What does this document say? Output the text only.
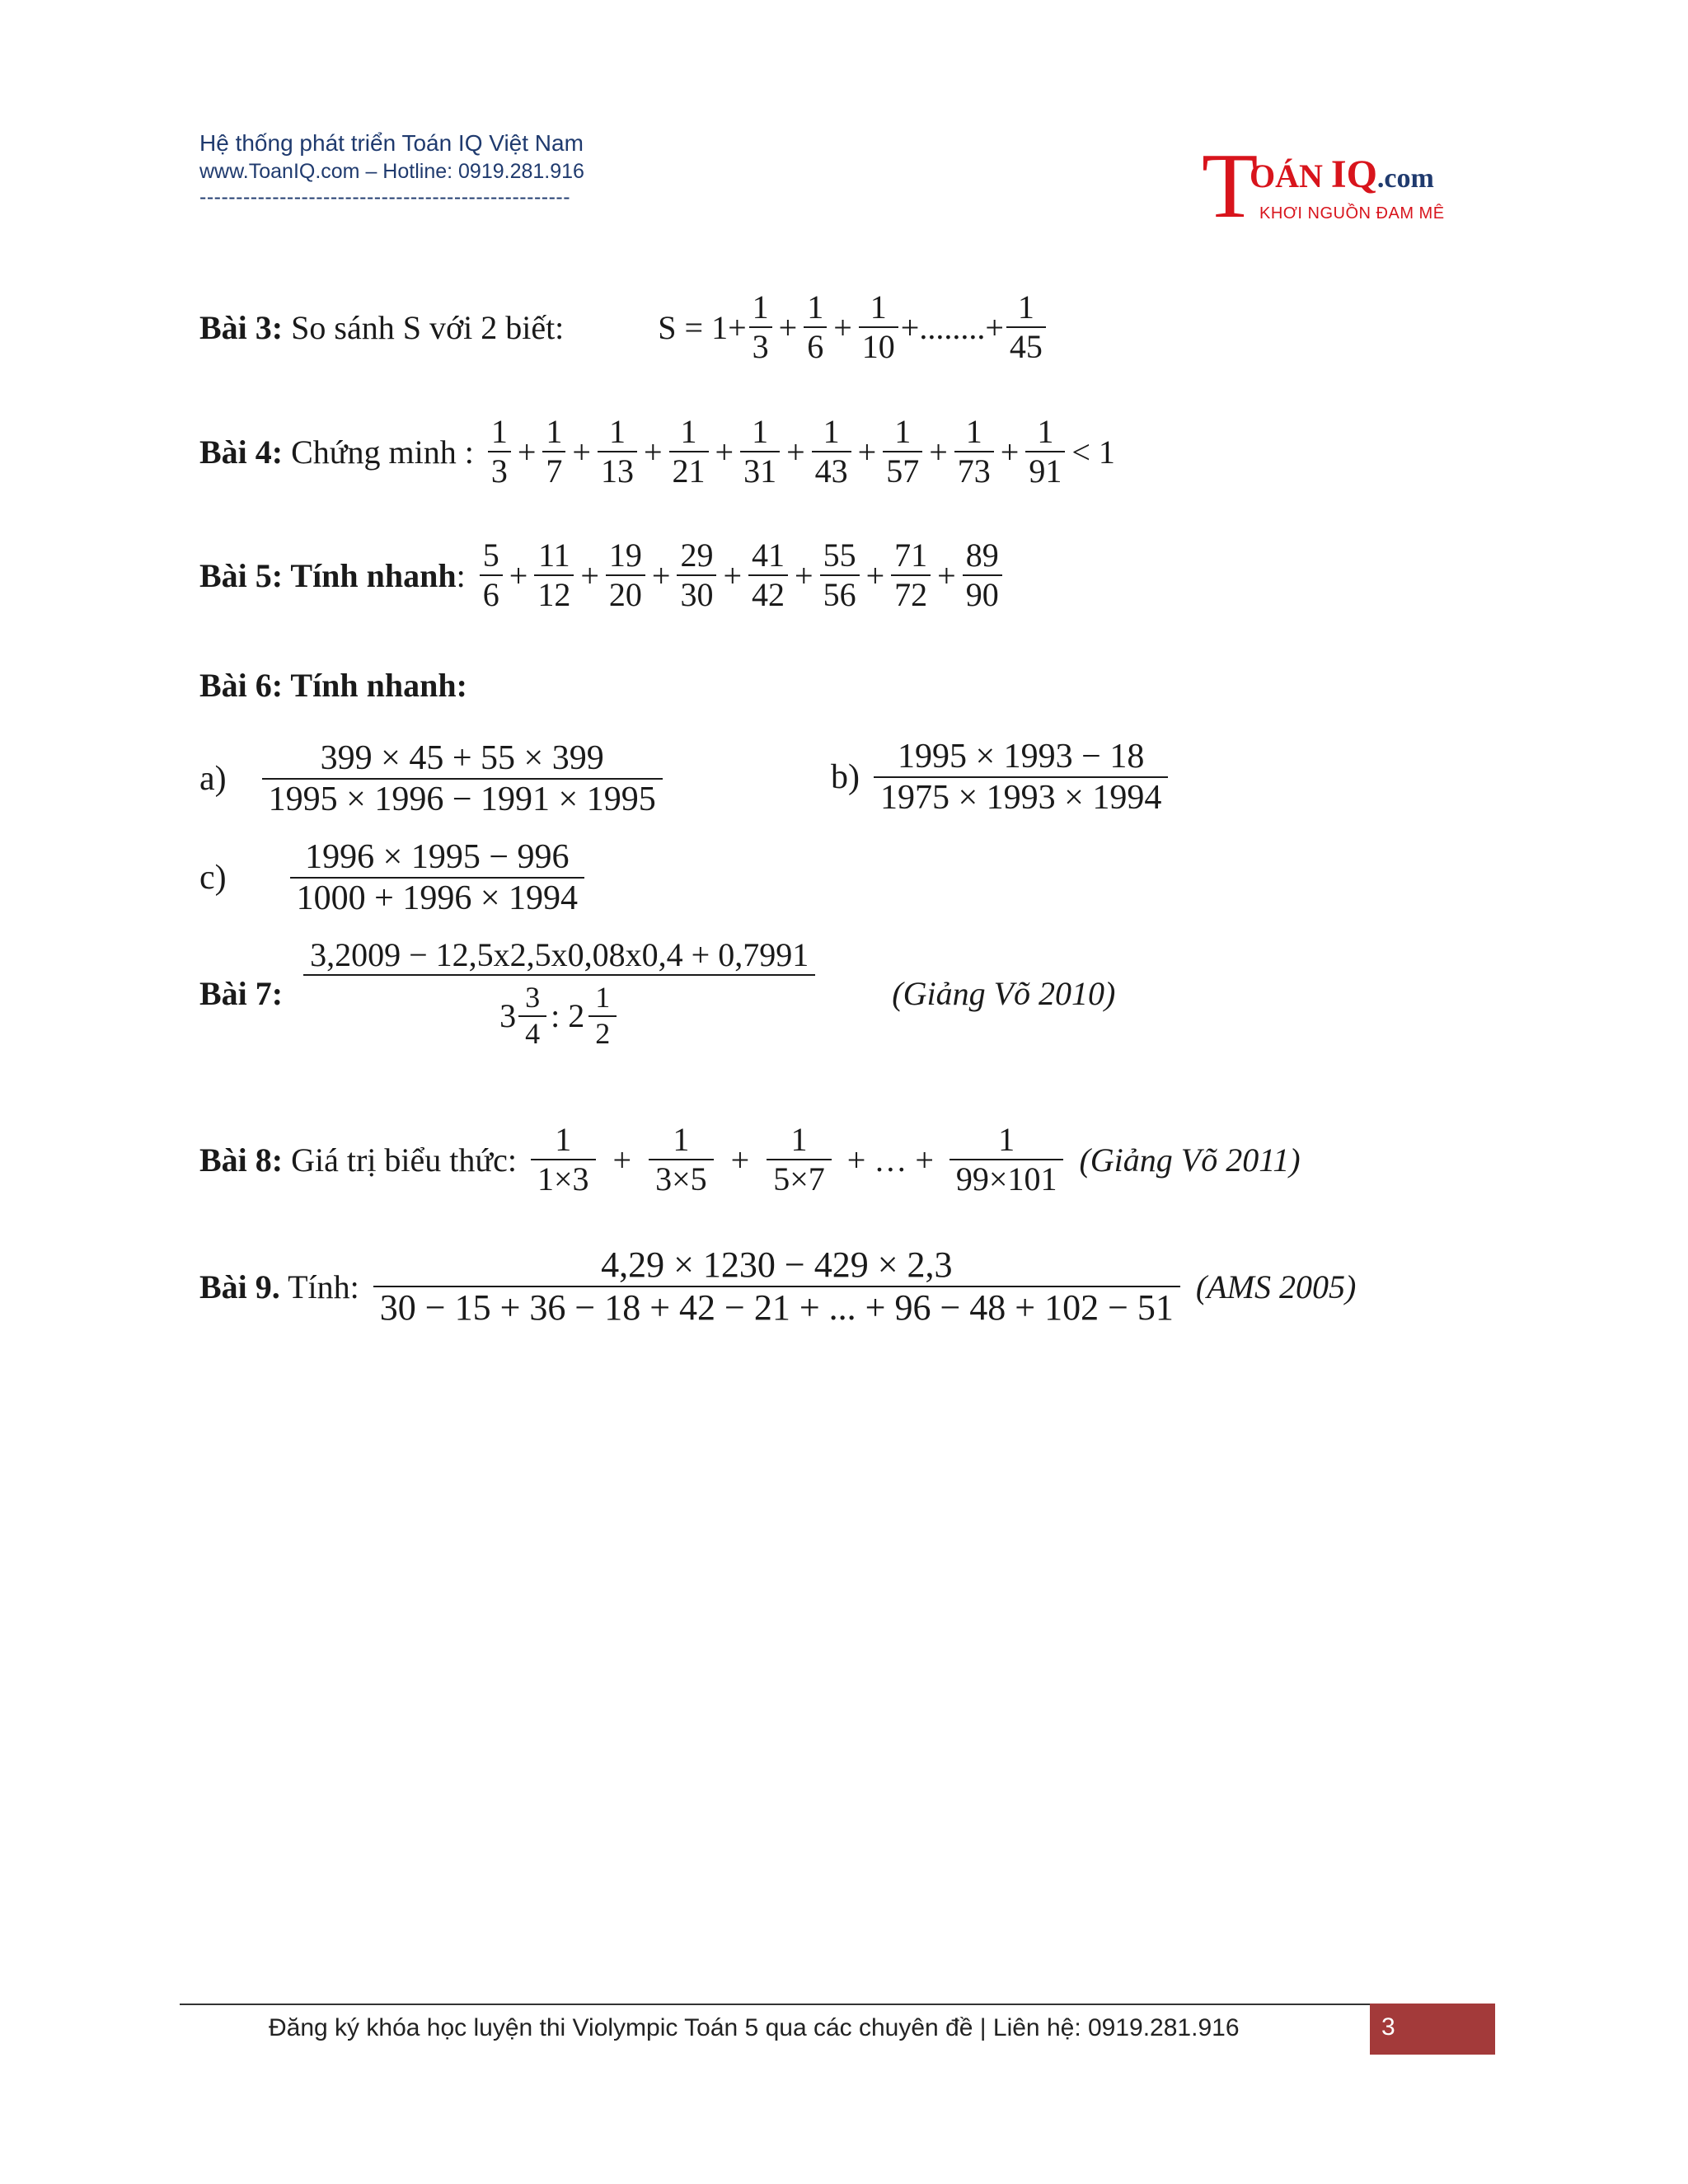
Hệ thống phát triển Toán IQ Việt Nam
www.ToanIQ.com – Hotline: 0919.281.916
---------------------------------------------------	T
OÁN IQ.com
KHƠI NGUỒN ĐAM MÊ
Bài 3: So sánh S với 2 biết:	$S = 1+ \frac{1}{3} + \frac{1}{6} + \frac{1}{10}$ +........+ $\frac{1}{45}$
Bài 4: Chứng minh : $\frac{1}{3} + \frac{1}{7} + \frac{1}{13} + \frac{1}{21} + \frac{1}{31} + \frac{1}{43} + \frac{1}{57} + \frac{1}{73} + \frac{1}{91} < 1$
Bài 5: Tính nhanh: $\frac{5}{6} + \frac{11}{12} + \frac{19}{20} + \frac{29}{30} + \frac{41}{42} + \frac{55}{56} + \frac{71}{72} + \frac{89}{90}$
Bài 6: Tính nhanh:
$a) \frac{399 \times 45 + 55 \times 399}{1995 \times 1996 - 1991 \times 1995}$	$b) \frac{1995 \times 1993 - 18}{1975 \times 1993 \times 1994}$
$c) \frac{1996 \times 1995 - 996}{1000 + 1996 \times 1994}$
Bài 7: $\frac{3,2009 - 12,5x2,5x0,08x0,4 + 0,7991}{3 \frac{3}{4} : 2 \frac{1}{2}}$ (Giảng Võ 2010)
Bài 8: Giá trị biểu thức: $\frac{1}{1\times 3} + \frac{1}{3\times 5} + \frac{1}{5\times 7}$ + … + $\frac{1}{99\times 101}$ (Giảng Võ 2011)
Bài 9. Tính: $\frac{4,29 \times 1230 - 429 \times 2,3}{30 - 15 + 36 - 18 + 42 - 21 + ... + 96 - 48 + 102 - 51} (AMS$ 2005)
Đăng ký khóa học luyện thi Violympic Toán 5 qua các chuyên đề | Liên hệ: 0919.281.916	3
